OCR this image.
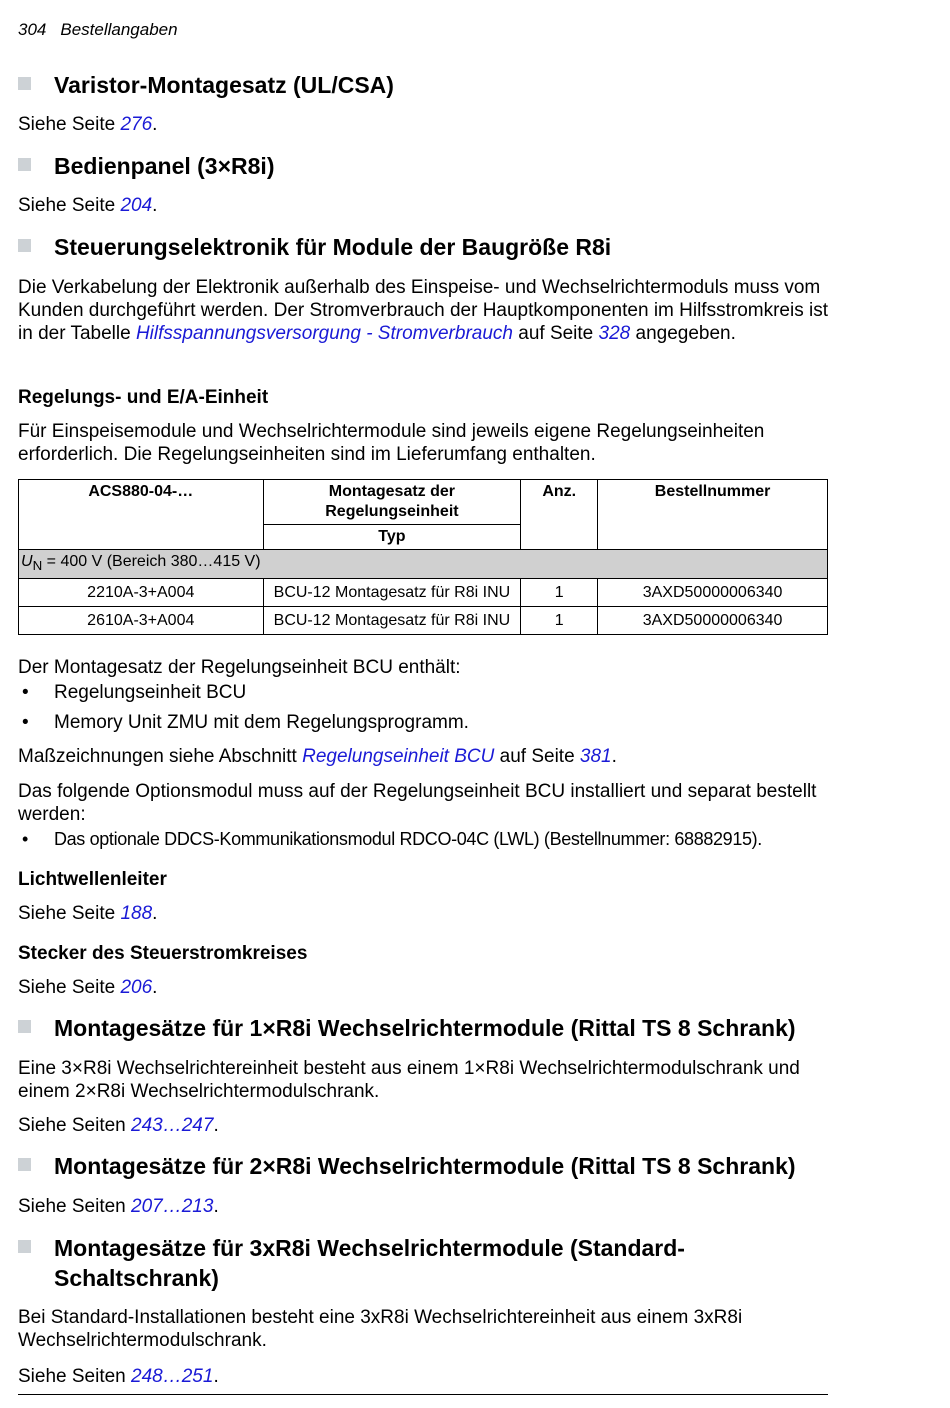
304 Bestellangaben
Varistor-Montagesatz (UL/CSA)
Siehe Seite 276.
Bedienpanel (3×R8i)
Siehe Seite 204.
Steuerungselektronik für Module der Baugröße R8i
Die Verkabelung der Elektronik außerhalb des Einspeise- und Wechselrichtermoduls muss vom Kunden durchgeführt werden. Der Stromverbrauch der Hauptkomponenten im Hilfsstromkreis ist in der Tabelle Hilfsspannungsversorgung - Stromverbrauch auf Seite 328 angegeben.
Regelungs- und E/A-Einheit
Für Einspeisemodule und Wechselrichtermodule sind jeweils eigene Regelungseinheiten erforderlich. Die Regelungseinheiten sind im Lieferumfang enthalten.
ACS880-04-…	Montagesatz der Regelungseinheit	Anz.	Bestellnummer
	Typ		
$U_N = 400$ V (Bereich 380…415 V)			
2210A-3+A004	BCU-12 Montagesatz für R8i INU	1	3AXD50000006340
2610A-3+A004	BCU-12 Montagesatz für R8i INU	1	3AXD50000006340
Der Montagesatz der Regelungseinheit BCU enthält:
• Regelungseinheit BCU
• Memory Unit ZMU mit dem Regelungsprogramm.
Maßzeichnungen siehe Abschnitt Regelungseinheit BCU auf Seite 381.
Das folgende Optionsmodul muss auf der Regelungseinheit BCU installiert und separat bestellt werden:
• Das optionale DDCS-Kommunikationsmodul RDCO-04C (LWL) (Bestellnummer: 68882915).
Lichtwellenleiter
Siehe Seite 188.
Stecker des Steuerstromkreises
Siehe Seite 206.
Montagesätze für 1×R8i Wechselrichtermodule (Rittal TS 8 Schrank)
Eine 3×R8i Wechselrichtereinheit besteht aus einem 1×R8i Wechselrichtermodulschrank und einem 2×R8i Wechselrichtermodulschrank.
Siehe Seiten 243…247.
Montagesätze für 2×R8i Wechselrichtermodule (Rittal TS 8 Schrank)
Siehe Seiten 207…213.
Montagesätze für 3xR8i Wechselrichtermodule (Standard-
Schaltschrank)
Bei Standard-Installationen besteht eine 3xR8i Wechselrichtereinheit aus einem 3xR8i Wechselrichtermodulschrank.
Siehe Seiten 248…251.
